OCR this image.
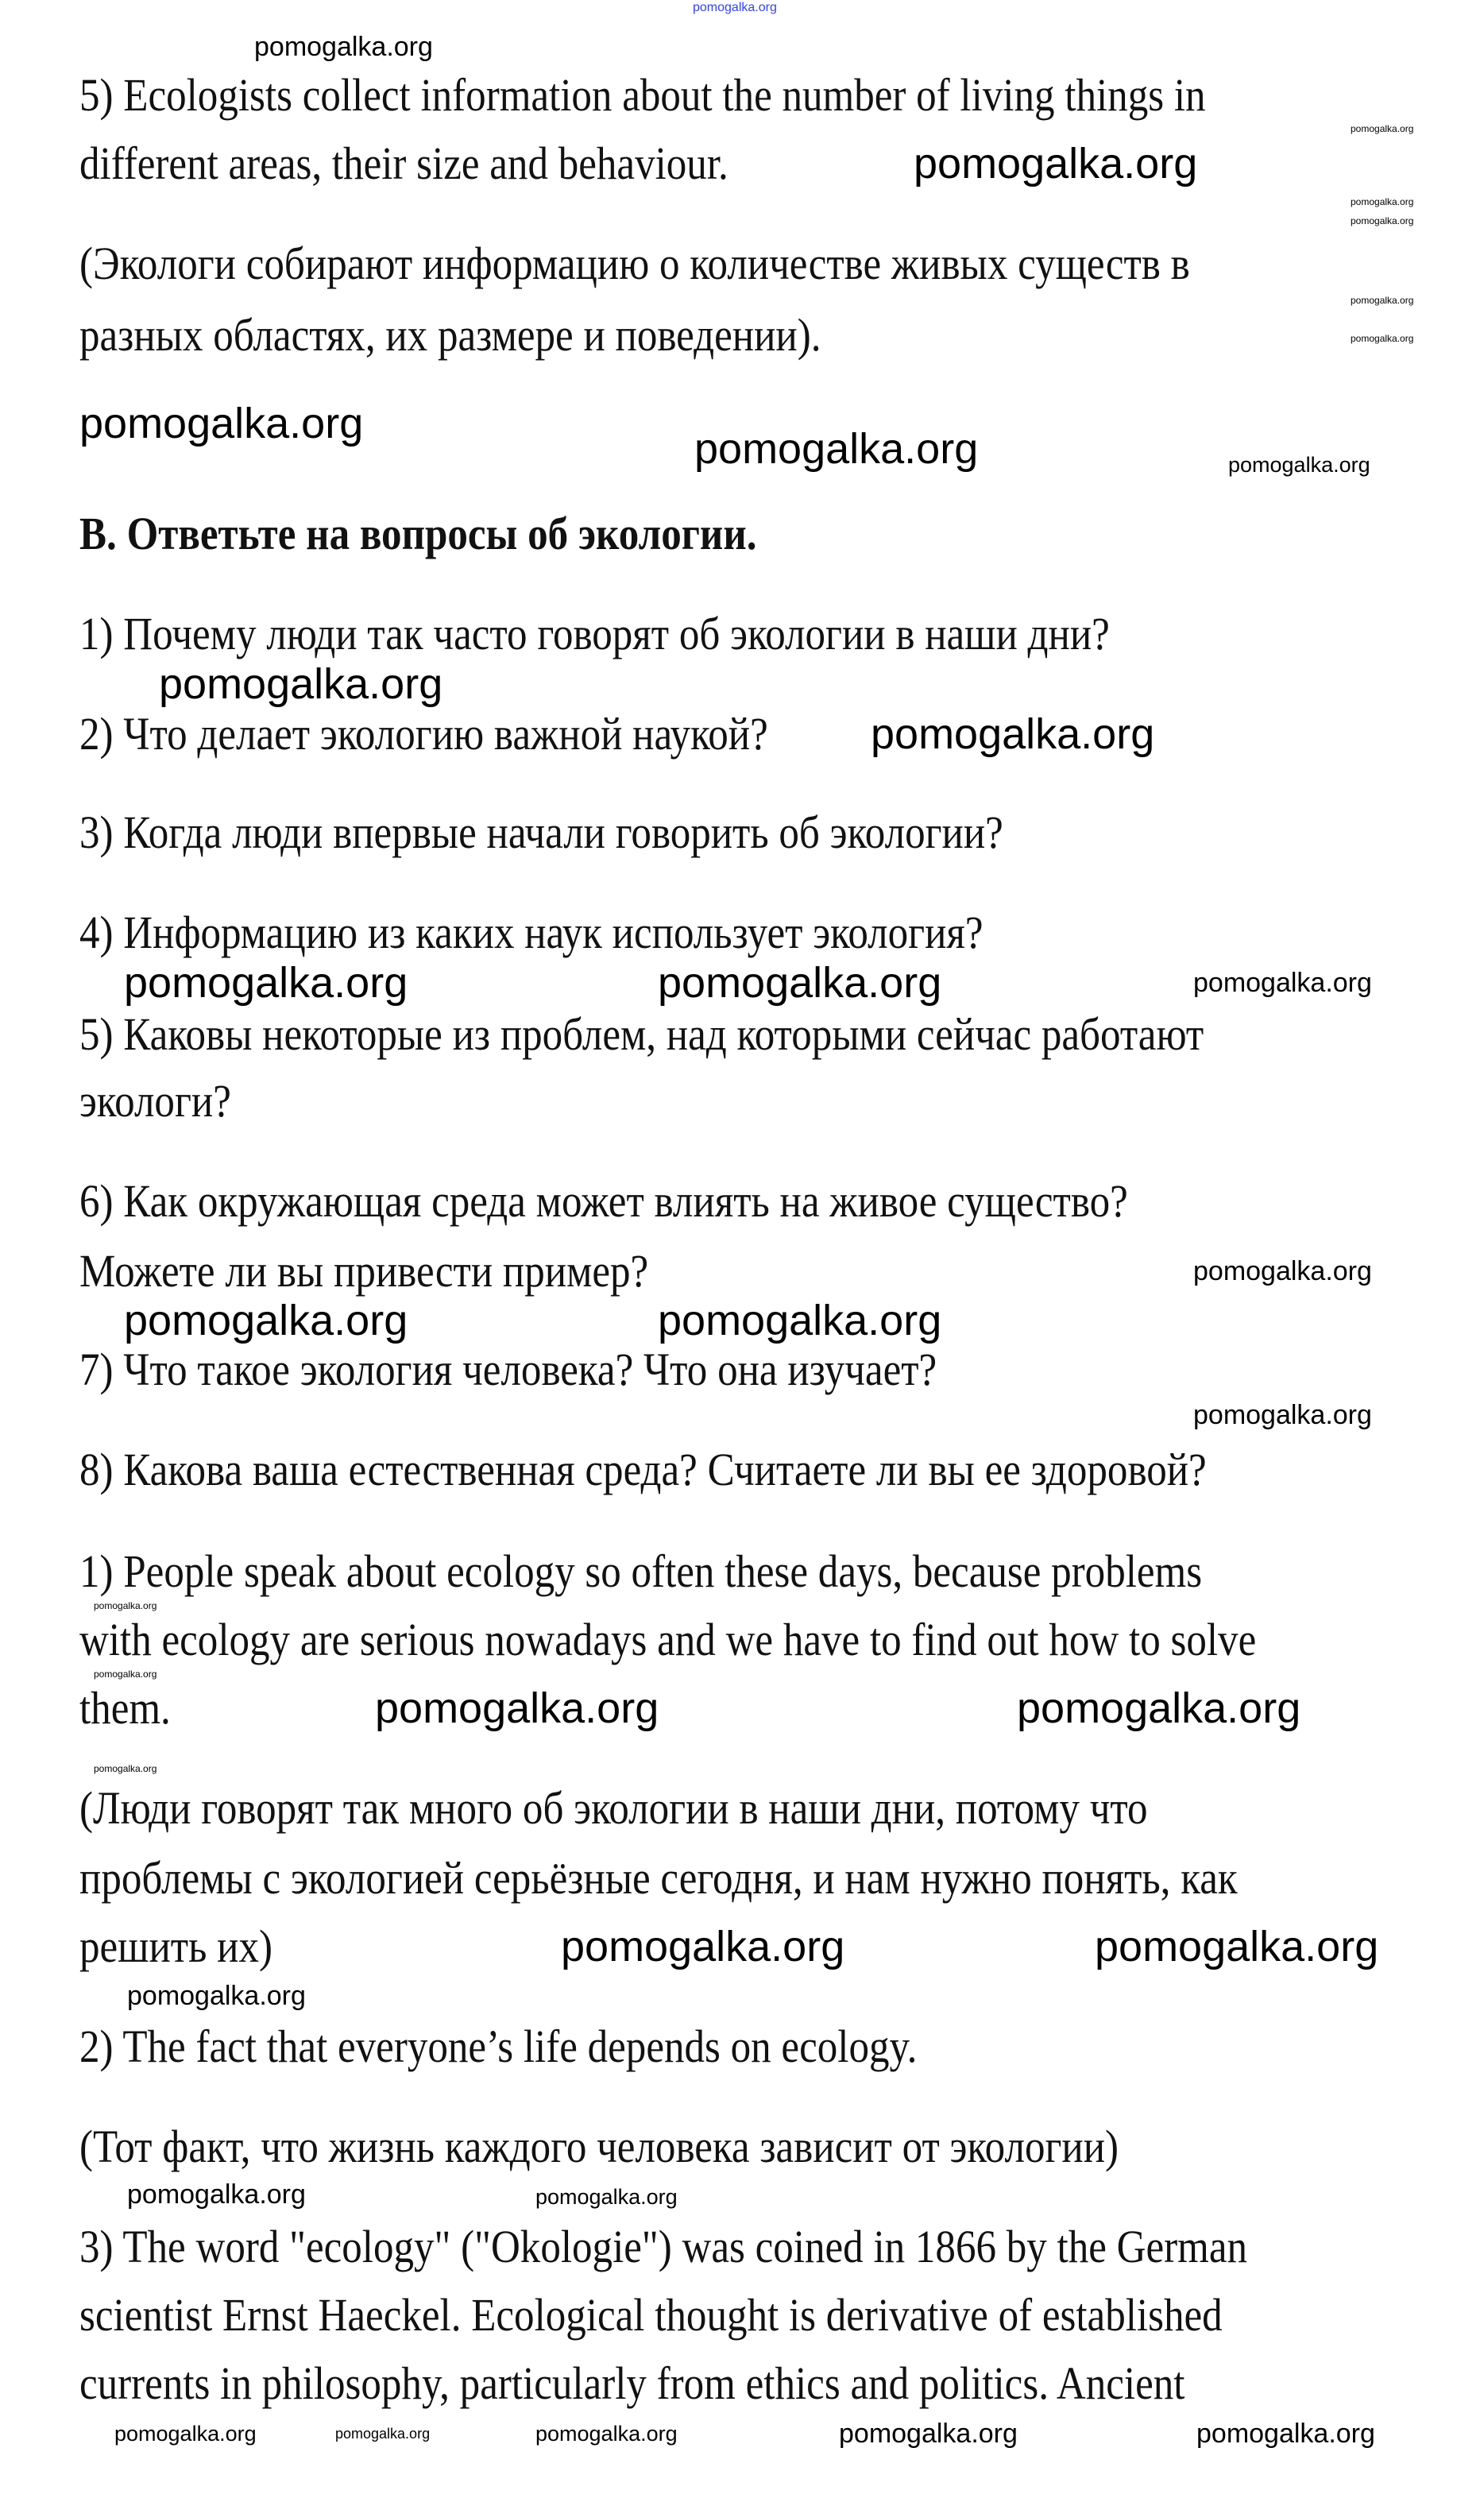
pomogalka.org
pomogalka.org
pomogalka.org
pomogalka.org
pomogalka.org	pomogalka.org
pomogalka.org
pomogalka.org
pomogalka.org	pomogalka.org	pomogalka.org
pomogalka.org
pomogalka.org	pomogalka.org
pomogalka.org
pomogalka.org	pomogalka.org
pomogalka.org	pomogalka.org
pomogalka.org
pomogalka.org	pomogalka.org
pomogalka.org	pomogalka.org	pomogalka.org	pomogalka.org	pomogalka.org
pomogalka.org
pomogalka.org
pomogalka.org
pomogalka.org
pomogalka.org
pomogalka.org
pomogalka.org
pomogalka.org
5) Ecologists collect information about the number of living things in
different areas, their size and behaviour.
(Экологи собирают информацию о количестве живых существ в
разных областях, их размере и поведении).
B. Ответьте на вопросы об экологии.
1) Почему люди так часто говорят об экологии в наши дни?
2) Что делает экологию важной наукой?
3) Когда люди впервые начали говорить об экологии?
4) Информацию из каких наук использует экология?
5) Каковы некоторые из проблем, над которыми сейчас работают
экологи?
6) Как окружающая среда может влиять на живое существо?
Можете ли вы привести пример?
7) Что такое экология человека? Что она изучает?
8) Какова ваша естественная среда? Считаете ли вы ее здоровой?
1) People speak about ecology so often these days, because problems
with ecology are serious nowadays and we have to find out how to solve
them.
(Люди говорят так много об экологии в наши дни, потому что
проблемы с экологией серьёзные сегодня, и нам нужно понять, как
решить их)
2) The fact that everyone’s life depends on ecology.
(Тот факт, что жизнь каждого человека зависит от экологии)
3) The word "ecology" ("Okologie") was coined in 1866 by the German
scientist Ernst Haeckel. Ecological thought is derivative of established
currents in philosophy, particularly from ethics and politics. Ancient
